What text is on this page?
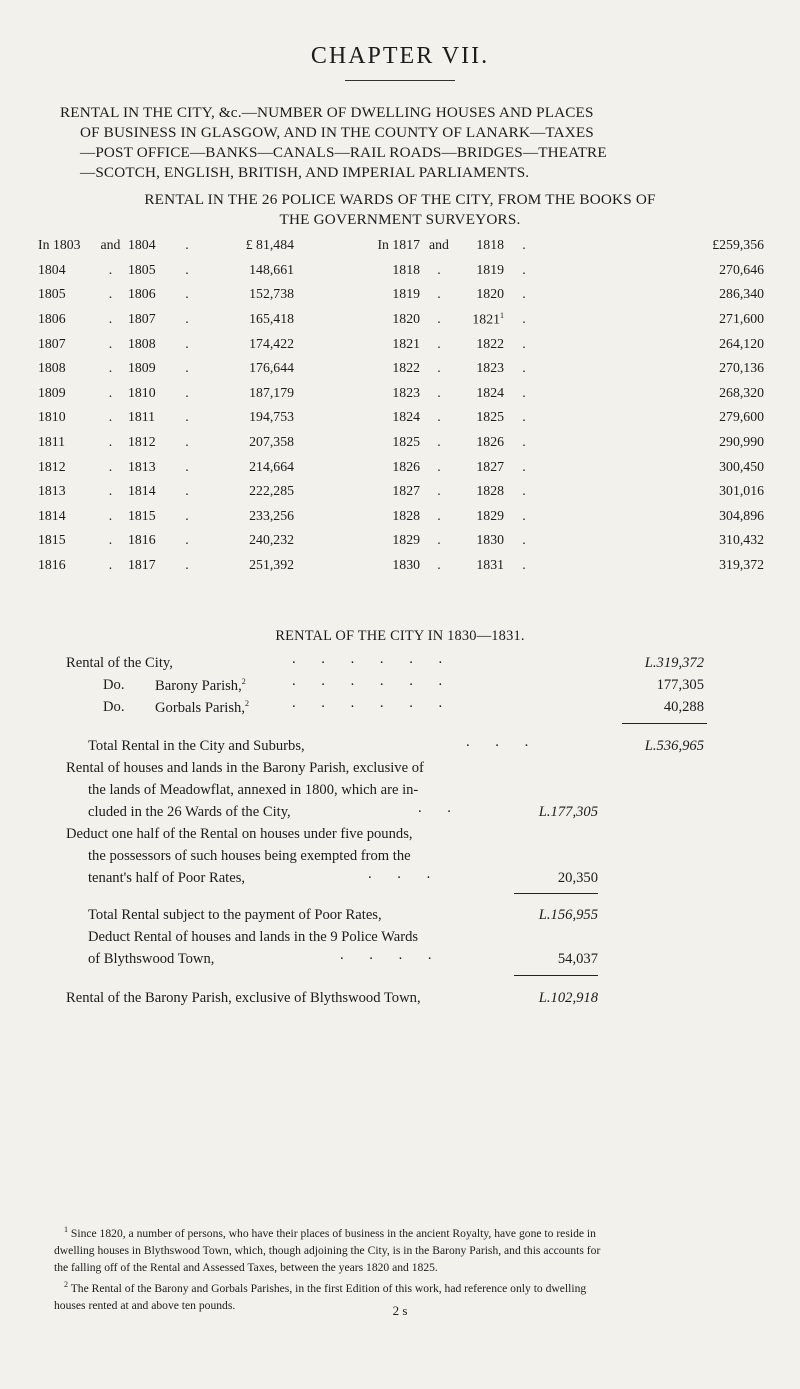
CHAPTER VII.

RENTAL IN THE CITY, &c.—NUMBER OF DWELLING HOUSES AND PLACES

OF BUSINESS IN GLASGOW, AND IN THE COUNTY OF LANARK—TAXES

—POST OFFICE—BANKS—CANALS—RAIL ROADS—BRIDGES—THEATRE

—SCOTCH, ENGLISH, BRITISH, AND IMPERIAL PARLIAMENTS.

RENTAL IN THE 26 POLICE WARDS OF THE CITY, FROM THE BOOKS OF
THE GOVERNMENT SURVEYORS.
In 1803	and	1804	.	£ 81,484		In 1817	and	1818	.	£259,356
1804	.	1805	.	148,661		1818	.	1819	.	270,646
1805	.	1806	.	152,738		1819	.	1820	.	286,340
1806	.	1807	.	165,418		1820	.	1821$^1$	.	271,600
1807	.	1808	.	174,422		1821	.	1822	.	264,120
1808	.	1809	.	176,644		1822	.	1823	.	270,136
1809	.	1810	.	187,179		1823	.	1824	.	268,320
1810	.	1811	.	194,753		1824	.	1825	.	279,600
1811	.	1812	.	207,358		1825	.	1826	.	290,990
1812	.	1813	.	214,664		1826	.	1827	.	300,450
1813	.	1814	.	222,285		1827	.	1828	.	301,016
1814	.	1815	.	233,256		1828	.	1829	.	304,896
1815	.	1816	.	240,232		1829	.	1830	.	310,432
1816	.	1817	.	251,392		1830	.	1831	.	319,372
RENTAL OF THE CITY IN 1830—1831.
Rental of the City,	. . . . . .	L.319,372
Do. Barony Parish,$^2$	. . . . . .	177,305
Do. Gorbals Parish,$^2$	. . . . . .	40,288
Total Rental in the City and Suburbs,	. . .	L.536,965
Rental of houses and lands in the Barony Parish, exclusive of
the lands of Meadowflat, annexed in 1800, which are in-
cluded in the 26 Wards of the City,	. .	L.177,305
Deduct one half of the Rental on houses under five pounds,
the possessors of such houses being exempted from the
tenant's half of Poor Rates,	. . .	20,350
Total Rental subject to the payment of Poor Rates,	L.156,955
Deduct Rental of houses and lands in the 9 Police Wards
of Blythswood Town,	. . . .	54,037
Rental of the Barony Parish, exclusive of Blythswood Town,	L.102,918

$^1$ Since 1820, a number of persons, who have their places of business in the ancient Royalty, have gone to reside in

dwelling houses in Blythswood Town, which, though adjoining the City, is in the Barony Parish, and this accounts for

the falling off of the Rental and Assessed Taxes, between the years 1820 and 1825.

$^2$ The Rental of the Barony and Gorbals Parishes, in the first Edition of this work, had reference only to dwelling

houses rented at and above ten pounds.	2 s
